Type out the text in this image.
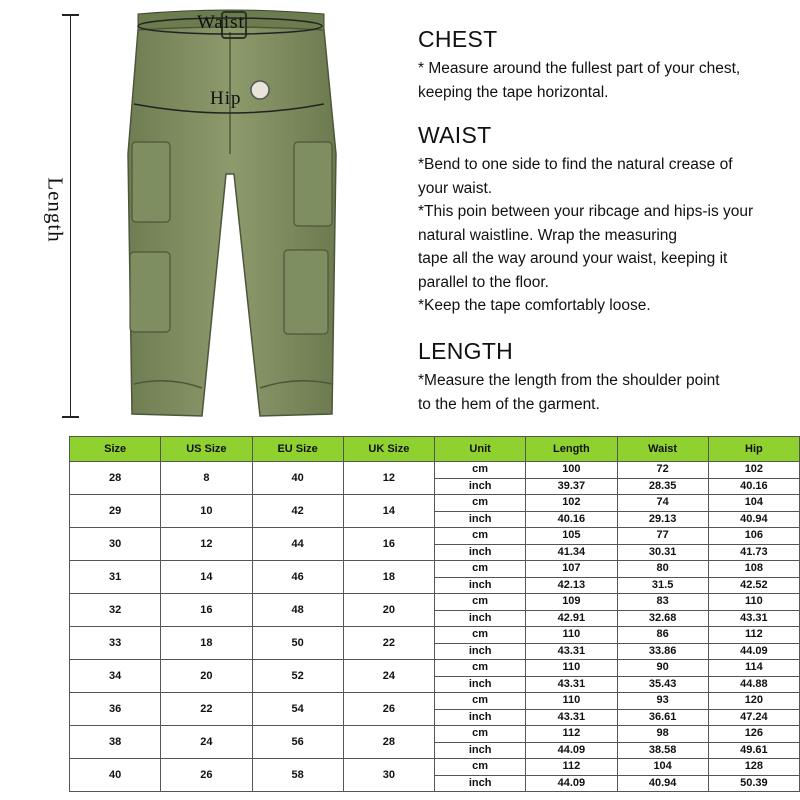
Length
Waist
Hip
CHEST
* Measure around the fullest part of your chest,
keeping the tape horizontal.
WAIST
*Bend to one side to find the natural crease of
your waist.
*This poin between your ribcage and hips-is your
natural waistline. Wrap the measuring
tape all the way around your waist, keeping it
parallel to the floor.
*Keep the tape comfortably loose.
LENGTH
*Measure the length from the shoulder point
to the hem of the garment.
Size	US Size	EU Size	UK Size	Unit	Length	Waist	Hip
28	8	40	12	cm	100	72	102
				inch	39.37	28.35	40.16
29	10	42	14	cm	102	74	104
				inch	40.16	29.13	40.94
30	12	44	16	cm	105	77	106
				inch	41.34	30.31	41.73
31	14	46	18	cm	107	80	108
				inch	42.13	31.5	42.52
32	16	48	20	cm	109	83	110
				inch	42.91	32.68	43.31
33	18	50	22	cm	110	86	112
				inch	43.31	33.86	44.09
34	20	52	24	cm	110	90	114
				inch	43.31	35.43	44.88
36	22	54	26	cm	110	93	120
				inch	43.31	36.61	47.24
38	24	56	28	cm	112	98	126
				inch	44.09	38.58	49.61
40	26	58	30	cm	112	104	128
				inch	44.09	40.94	50.39
